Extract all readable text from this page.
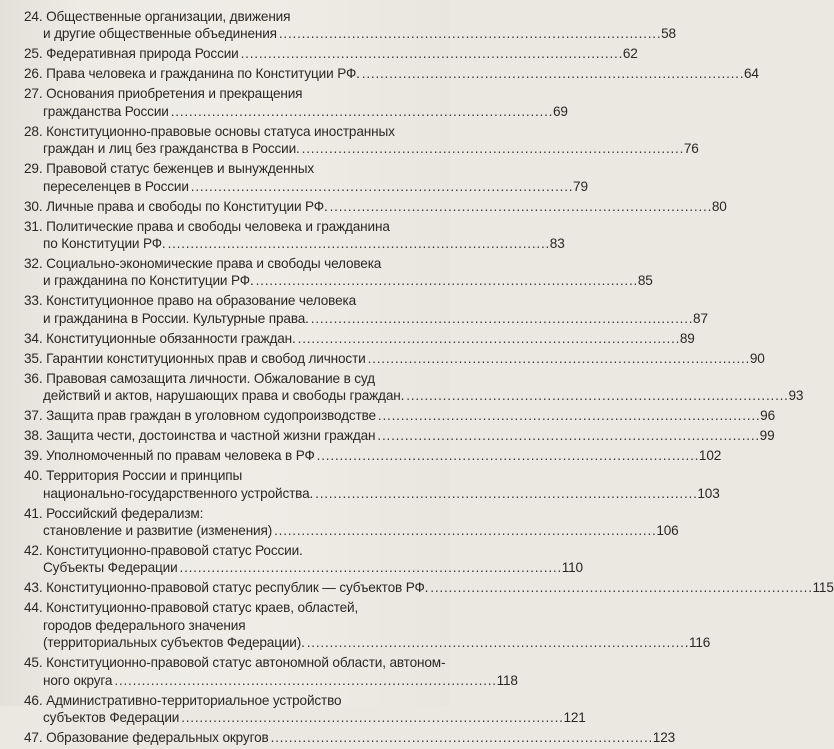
24.
Общественные организации, движения
и другие общественные объединения . . .	58
25.
Федеративная природа России . . .	62
26.
Права человека и гражданина по Конституции РФ. . . .	64
27.
Основания приобретения и прекращения
гражданства России . . .	69
28.
Конституционно-правовые основы статуса иностранных
граждан и лиц без гражданства в России. . . .	76
29.
Правовой статус беженцев и вынужденных
переселенцев в России . . .	79
30.
Личные права и свободы по Конституции РФ. . . .	80
31.
Политические права и свободы человека и гражданина
по Конституции РФ. . . .	83
32.
Социально-экономические права и свободы человека
и гражданина по Конституции РФ. . . .	85
33.
Конституционное право на образование человека
и гражданина в России. Культурные права. . . .	87
34.
Конституционные обязанности граждан. . . .	89
35.
Гарантии конституционных прав и свобод личности . . .	90
36.
Правовая самозащита личности. Обжалование в суд
действий и актов, нарушающих права и свободы граждан. . . .	93
37.
Защита прав граждан в уголовном судопроизводстве . . .	96
38.
Защита чести, достоинства и частной жизни граждан . . .	99
39.
Уполномоченный по правам человека в РФ . . .	102
40.
Территория России и принципы
национально-государственного устройства. . . .	103
41.
Российский федерализм:
становление и развитие (изменения) . . .	106
42.
Конституционно-правовой статус России.
Субъекты Федерации . . .	110
43.
Конституционно-правовой статус республик — субъектов РФ. . . .	115
44.
Конституционно-правовой статус краев, областей,
городов федерального значения
(территориальных субъектов Федерации). . . .	116
45.
Конституционно-правовой статус автономной области, автоном-
ного округа . . .	118
46.
Административно-территориальное устройство
субъектов Федерации . . .	121
47.
Образование федеральных округов . . .	123
